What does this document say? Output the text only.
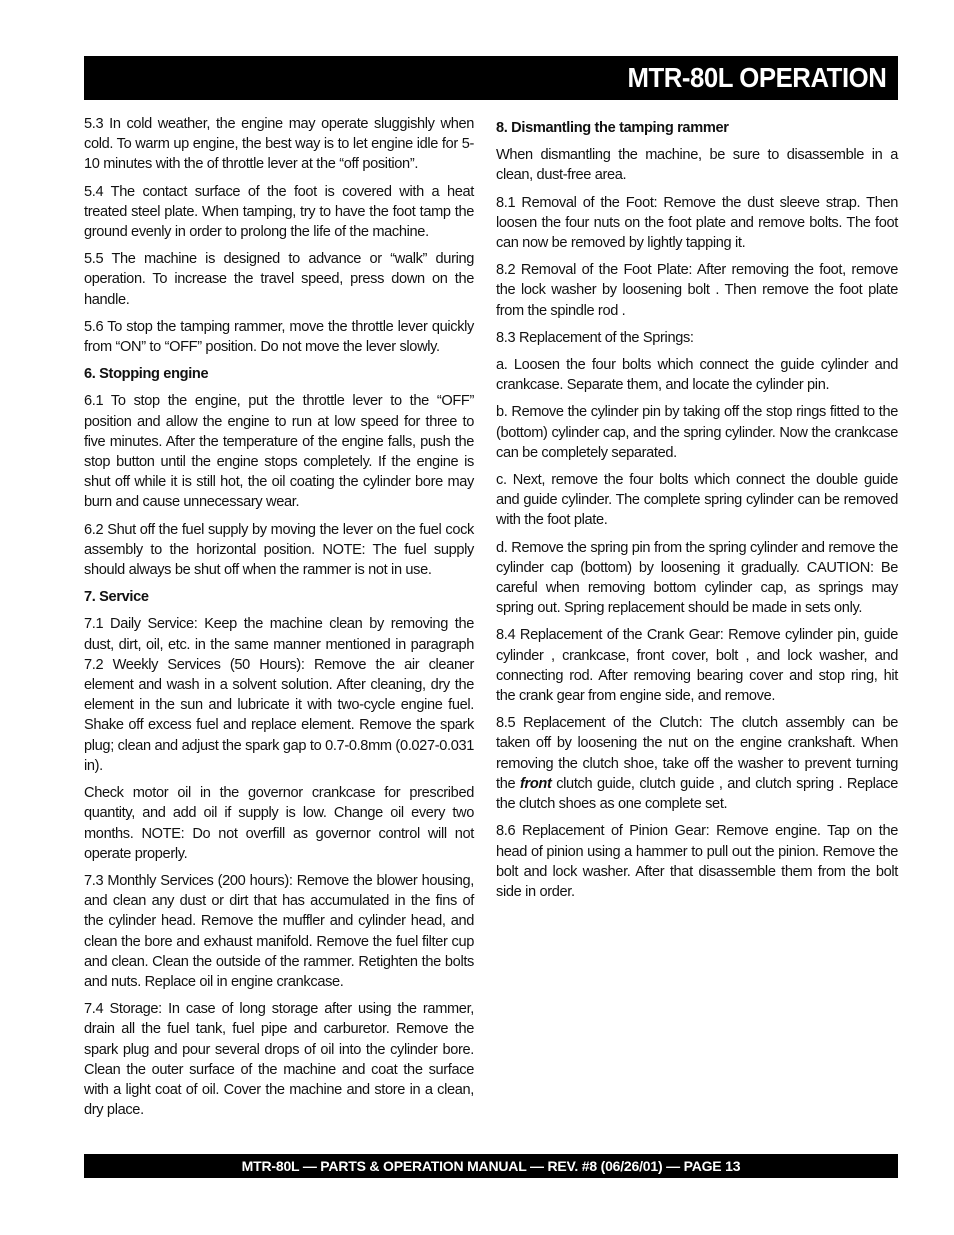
MTR-80L OPERATION

5.3 In cold weather, the engine may operate sluggishly when cold. To warm up engine, the best way is to let engine idle for 5-10 minutes with the of throttle lever at the “off position”.

5.4 The contact surface of the foot is covered with a heat treated steel plate. When tamping, try to have the foot tamp the ground evenly in order to prolong the life of the machine.

5.5 The machine is designed to advance or “walk” during operation. To increase the travel speed, press down on the handle.

5.6 To stop the tamping rammer, move the throttle lever quickly from “ON” to “OFF” position. Do not move the lever slowly.

6. Stopping engine

6.1 To stop the engine, put the throttle lever to the “OFF” position and allow the engine to run at low speed for three to five minutes. After the temperature of the engine falls, push the stop button until the engine stops completely. If the engine is shut off while it is still hot, the oil coating the cylinder bore may burn and cause unnecessary wear.

6.2 Shut off the fuel supply by moving the lever on the fuel cock assembly to the horizontal position. NOTE: The fuel supply should always be shut off when the rammer is not in use.

7. Service

7.1 Daily Service: Keep the machine clean by removing the dust, dirt, oil, etc. in the same manner mentioned in paragraph 7.2 Weekly Services (50 Hours): Remove the air cleaner element and wash in a solvent solution. After cleaning, dry the element in the sun and lubricate it with two-cycle engine fuel. Shake off excess fuel and replace element. Remove the spark plug; clean and adjust the spark gap to 0.7-0.8mm (0.027-0.031 in).

Check motor oil in the governor crankcase for prescribed quantity, and add oil if supply is low. Change oil every two months. NOTE: Do not overfill as governor control will not operate properly.

7.3 Monthly Services (200 hours): Remove the blower housing, and clean any dust or dirt that has accumulated in the fins of the cylinder head. Remove the muffler and cylinder head, and clean the bore and exhaust manifold. Remove the fuel filter cup and clean. Clean the outside of the rammer. Retighten the bolts and nuts. Replace oil in engine crankcase.

7.4 Storage: In case of long storage after using the rammer, drain all the fuel tank, fuel pipe and carburetor. Remove the spark plug and pour several drops of oil into the cylinder bore. Clean the outer surface of the machine and coat the surface with a light coat of oil. Cover the machine and store in a clean, dry place.

8. Dismantling the tamping rammer

When dismantling the machine, be sure to disassemble in a clean, dust-free area.

8.1 Removal of the Foot: Remove the dust sleeve strap. Then loosen the four nuts on the foot plate and remove bolts. The foot can now be removed by lightly tapping it.

8.2 Removal of the Foot Plate: After removing the foot, remove the lock washer by loosening bolt . Then remove the foot plate from the spindle rod .

8.3 Replacement of the Springs:

a. Loosen the four bolts which connect the guide cylinder and crankcase. Separate them, and locate the cylinder pin.

b. Remove the cylinder pin by taking off the stop rings fitted to the (bottom) cylinder cap, and the spring cylinder. Now the crankcase can be completely separated.

c. Next, remove the four bolts which connect the double guide and guide cylinder. The complete spring cylinder can be removed with the foot plate.

d. Remove the spring pin from the spring cylinder and remove the cylinder cap (bottom) by loosening it gradually. CAUTION: Be careful when removing bottom cylinder cap, as springs may spring out. Spring replacement should be made in sets only.

8.4 Replacement of the Crank Gear: Remove cylinder pin, guide cylinder , crankcase, front cover, bolt , and lock washer, and connecting rod. After removing bearing cover and stop ring, hit the crank gear from engine side, and remove.

8.5 Replacement of the Clutch: The clutch assembly can be taken off by loosening the nut on the engine crankshaft. When removing the clutch shoe, take off the washer to prevent turning the front clutch guide, clutch guide , and clutch spring . Replace the clutch shoes as one complete set.

8.6 Replacement of Pinion Gear: Remove engine. Tap on the head of pinion using a hammer to pull out the pinion. Remove the bolt and lock washer. After that disassemble them from the bolt side in order.

MTR-80L — PARTS & OPERATION MANUAL — REV. #8 (06/26/01) — PAGE 13
